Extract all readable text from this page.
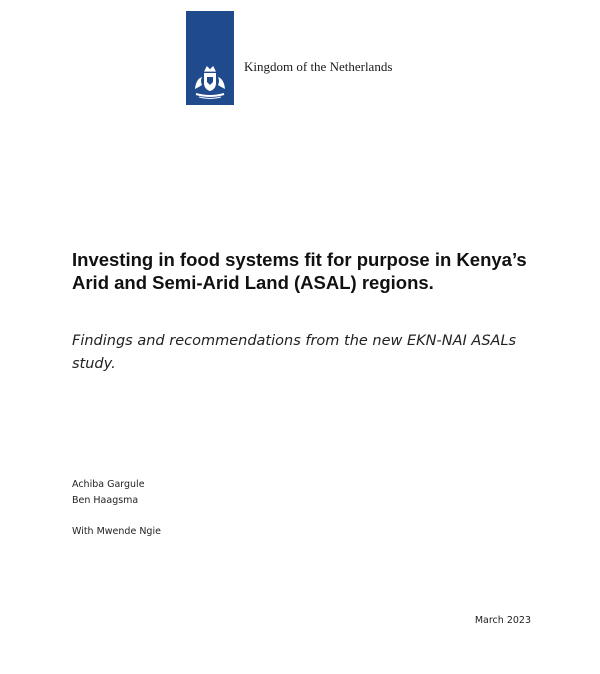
Kingdom of the Netherlands
Investing in food systems fit for purpose in Kenya’s Arid and Semi-Arid Land (ASAL) regions.

Findings and recommendations from the new EKN-NAI ASALs study.

Achiba Gargule
Ben Haagsma
With Mwende Ngie
March 2023
